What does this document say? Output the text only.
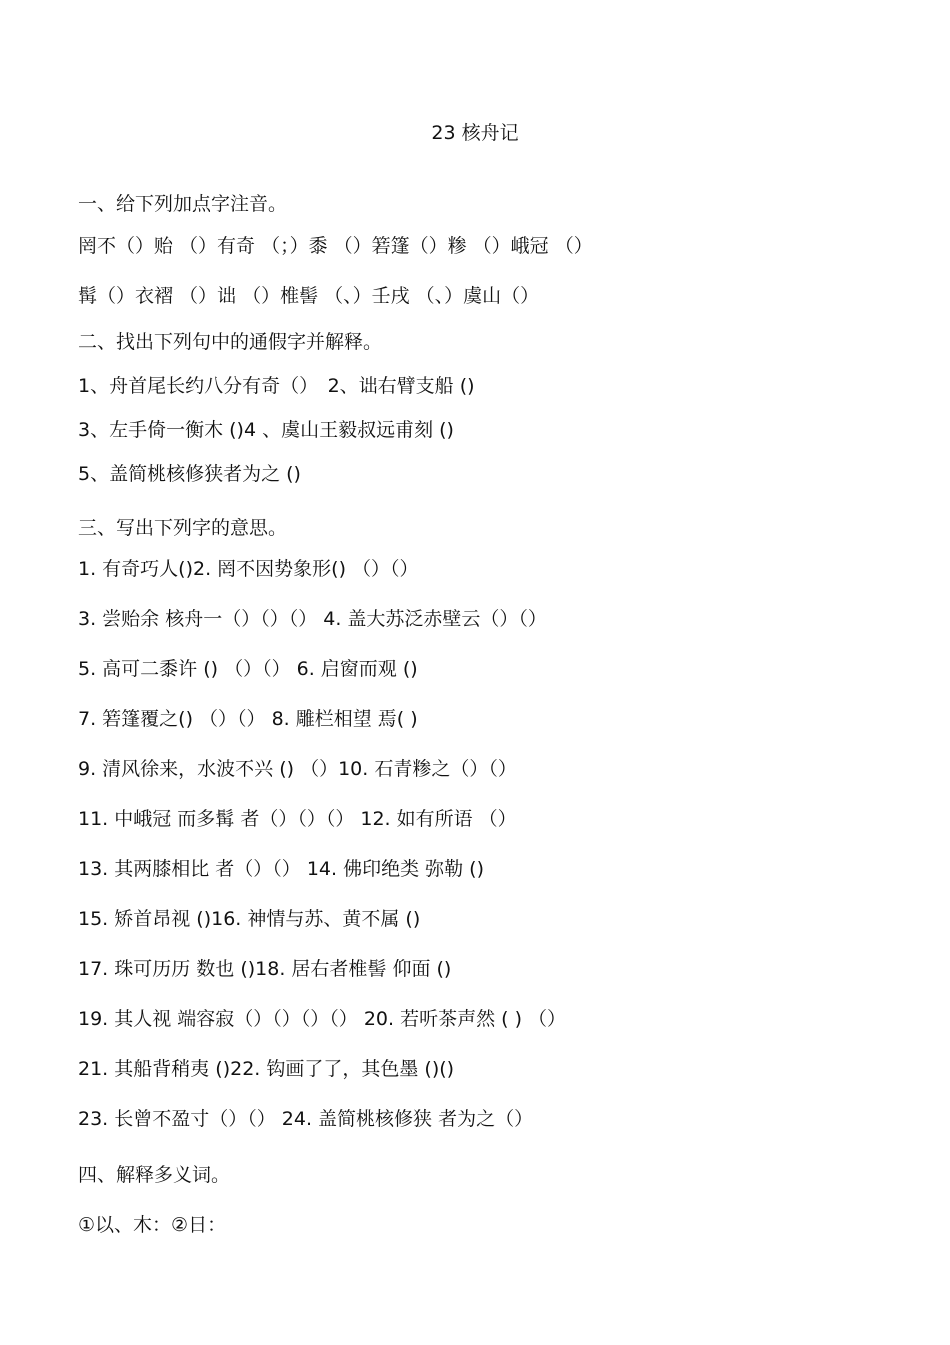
23 核舟记
一、给下列加点字注音。
罔不（）贻 （）有奇 （；）黍 （）箬篷（）糁 （）峨冠 （）
髯（）衣褶 （）诎 （）椎髻 （、）壬戌 （、）虞山（）
二、找出下列句中的通假字并解释。
1、舟首尾长约八分有奇（）　2、诎右臂支船 ()
3、左手倚一衡木 ()4 、虞山王毅叔远甫刻 ()
5、盖简桃核修狭者为之 ()
三、写出下列字的意思。
1. 有奇巧人()2. 罔不因势象形() （）（）
3. 尝贻余 核舟一（）（）（） 4. 盖大苏泛赤壁云（）（）
5. 高可二黍许 () （）（） 6. 启窗而观 ()
7. 箬篷覆之() （）（） 8. 雕栏相望 焉( )
9. 清风徐来，水波不兴 () （）10. 石青糁之（）（）
11. 中峨冠 而多髯 者（）（）（） 12. 如有所语 （）
13. 其两膝相比 者（）（） 14. 佛印绝类 弥勒 ()
15. 矫首昂视 ()16. 神情与苏、黄不属 ()
17. 珠可历历 数也 ()18. 居右者椎髻 仰面 ()
19. 其人视 端容寂（）（）（）（） 20. 若听茶声然 ( ) （）
21. 其船背稍夷 ()22. 钩画了了，其色墨 ()()
23. 长曾不盈寸（）（） 24. 盖简桃核修狭 者为之（）
四、解释多义词。
①以、木：②日：
